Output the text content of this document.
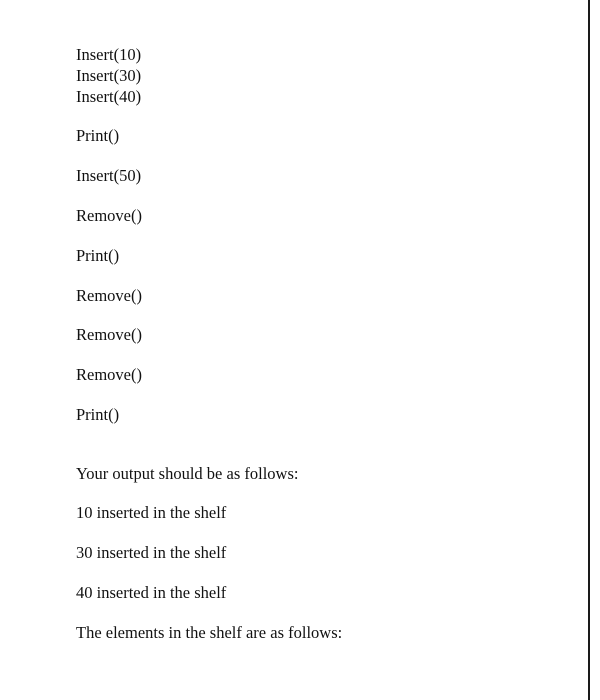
Insert(10)

Insert(30)

Insert(40)

Print()

Insert(50)

Remove()

Print()

Remove()

Remove()

Remove()

Print()

Your output should be as follows:

10 inserted in the shelf

30 inserted in the shelf

40 inserted in the shelf

The elements in the shelf are as follows:
